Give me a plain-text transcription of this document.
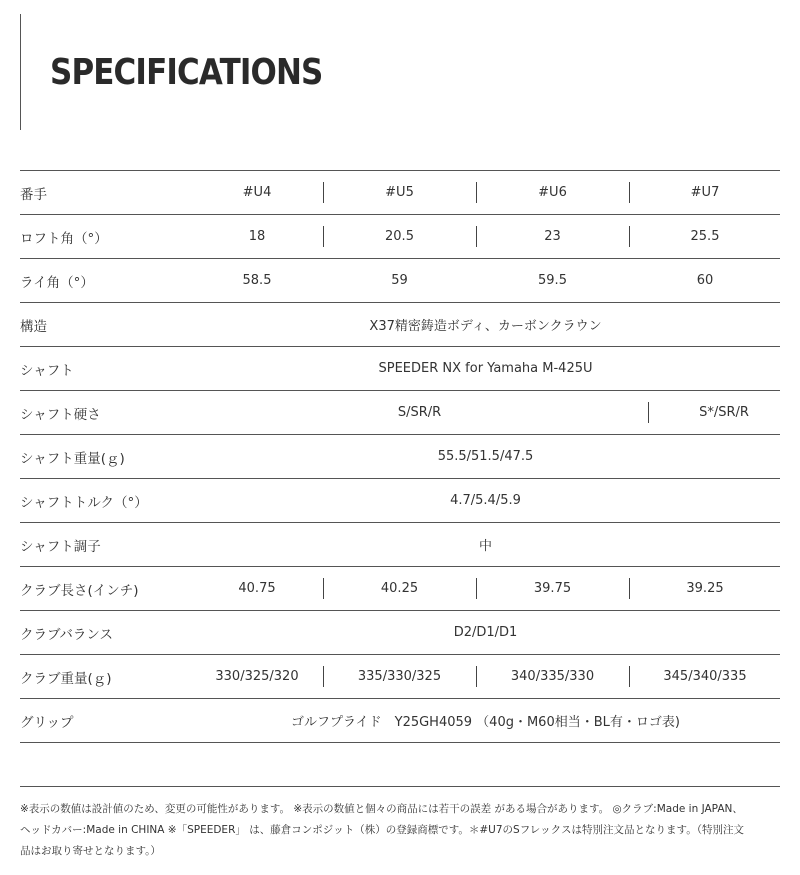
SPECIFICATIONS
番手	#U4	#U5	#U6	#U7
ロフト角（°）	18	20.5	23	25.5
ライ角（°）	58.5	59	59.5	60
構造	X37精密鋳造ボディ、カーボンクラウン
シャフト	SPEEDER NX for Yamaha M-425U
シャフト硬さ	S/SR/R	S*/SR/R
シャフト重量(ｇ)	55.5/51.5/47.5
シャフトトルク（°）	4.7/5.4/5.9
シャフト調子	中
クラブ長さ(インチ)	40.75	40.25	39.75	39.25
クラブバランス	D2/D1/D1
クラブ重量(ｇ)	330/325/320	335/330/325	340/335/330	345/340/335
グリップ	ゴルフプライド　Y25GH4059 （40g・M60相当・BL有・ロゴ表)

※表示の数値は設計値のため、変更の可能性があります。 ※表示の数値と個々の商品には若干の誤差 がある場合があります。 ◎クラブ:Made in JAPAN、

ヘッドカバー:Made in CHINA ※「SPEEDER」 は、藤倉コンポジット（株）の登録商標です。＊#U7のSフレックスは特別注文品となります。（特別注文

品はお取り寄せとなります。）
